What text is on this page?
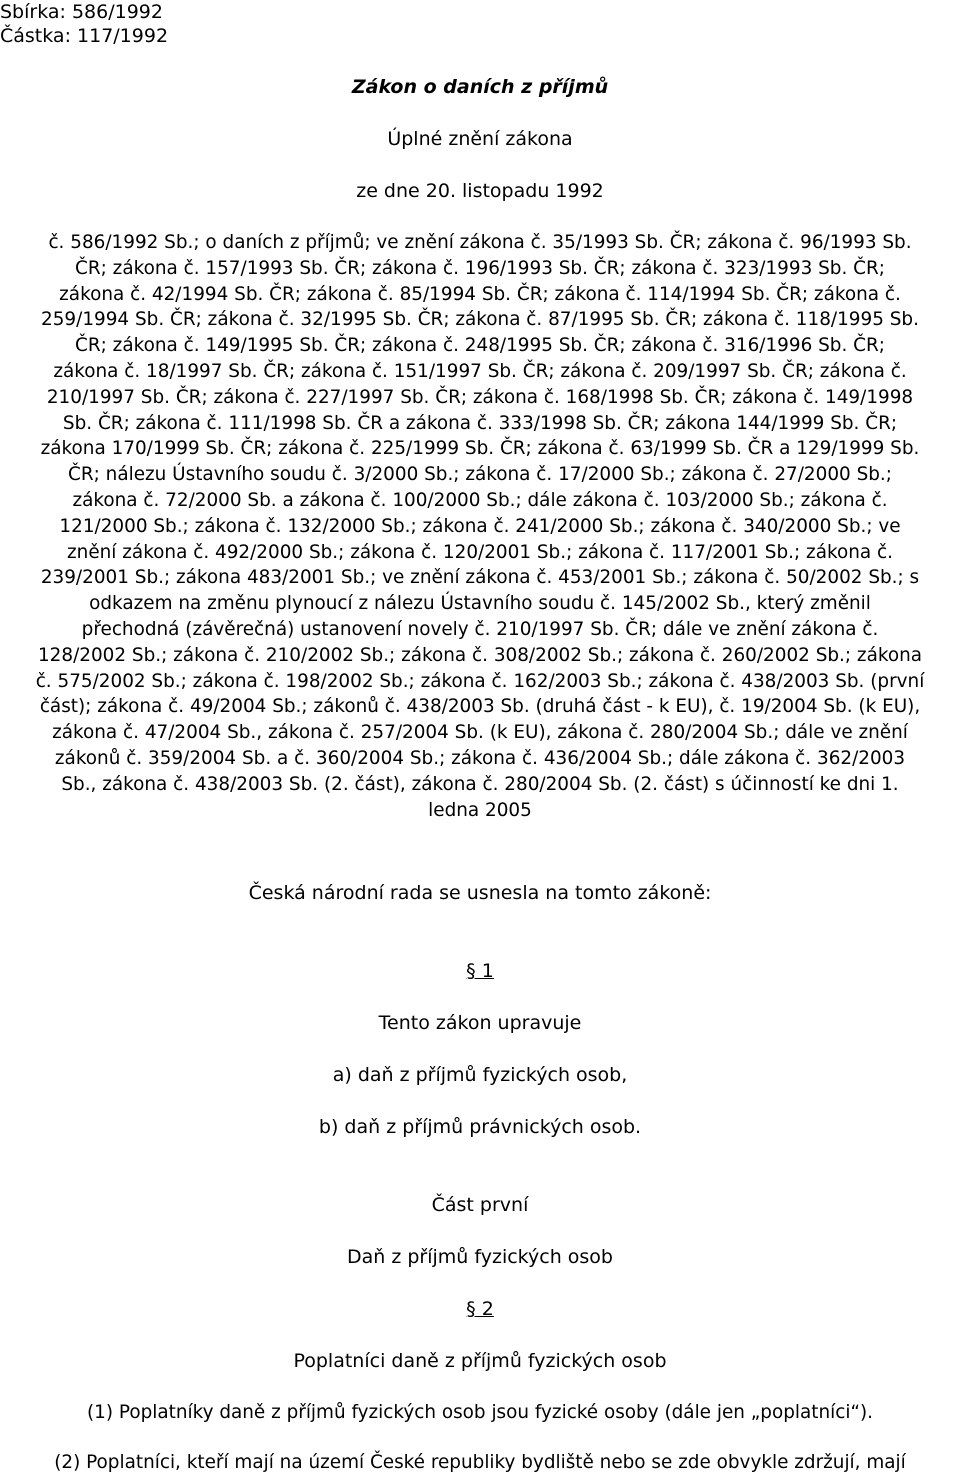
Sbírka: 586/1992
Částka: 117/1992
Zákon o daních z příjmů
Úplné znění zákona
ze dne 20. listopadu 1992
č. 586/1992 Sb.; o daních z příjmů; ve znění zákona č. 35/1993 Sb. ČR; zákona č. 96/1993 Sb.
ČR; zákona č. 157/1993 Sb. ČR; zákona č. 196/1993 Sb. ČR; zákona č. 323/1993 Sb. ČR;
zákona č. 42/1994 Sb. ČR; zákona č. 85/1994 Sb. ČR; zákona č. 114/1994 Sb. ČR; zákona č.
259/1994 Sb. ČR; zákona č. 32/1995 Sb. ČR; zákona č. 87/1995 Sb. ČR; zákona č. 118/1995 Sb.
ČR; zákona č. 149/1995 Sb. ČR; zákona č. 248/1995 Sb. ČR; zákona č. 316/1996 Sb. ČR;
zákona č. 18/1997 Sb. ČR; zákona č. 151/1997 Sb. ČR; zákona č. 209/1997 Sb. ČR; zákona č.
210/1997 Sb. ČR; zákona č. 227/1997 Sb. ČR; zákona č. 168/1998 Sb. ČR; zákona č. 149/1998
Sb. ČR; zákona č. 111/1998 Sb. ČR a zákona č. 333/1998 Sb. ČR; zákona 144/1999 Sb. ČR;
zákona 170/1999 Sb. ČR; zákona č. 225/1999 Sb. ČR; zákona č. 63/1999 Sb. ČR a 129/1999 Sb.
ČR; nálezu Ústavního soudu č. 3/2000 Sb.; zákona č. 17/2000 Sb.; zákona č. 27/2000 Sb.;
zákona č. 72/2000 Sb. a zákona č. 100/2000 Sb.; dále zákona č. 103/2000 Sb.; zákona č.
121/2000 Sb.; zákona č. 132/2000 Sb.; zákona č. 241/2000 Sb.; zákona č. 340/2000 Sb.; ve
znění zákona č. 492/2000 Sb.; zákona č. 120/2001 Sb.; zákona č. 117/2001 Sb.; zákona č.
239/2001 Sb.; zákona 483/2001 Sb.; ve znění zákona č. 453/2001 Sb.; zákona č. 50/2002 Sb.; s
odkazem na změnu plynoucí z nálezu Ústavního soudu č. 145/2002 Sb., který změnil
přechodná (závěrečná) ustanovení novely č. 210/1997 Sb. ČR; dále ve znění zákona č.
128/2002 Sb.; zákona č. 210/2002 Sb.; zákona č. 308/2002 Sb.; zákona č. 260/2002 Sb.; zákona
č. 575/2002 Sb.; zákona č. 198/2002 Sb.; zákona č. 162/2003 Sb.; zákona č. 438/2003 Sb. (první
část); zákona č. 49/2004 Sb.; zákonů č. 438/2003 Sb. (druhá část - k EU), č. 19/2004 Sb. (k EU),
zákona č. 47/2004 Sb., zákona č. 257/2004 Sb. (k EU), zákona č. 280/2004 Sb.; dále ve znění
zákonů č. 359/2004 Sb. a č. 360/2004 Sb.; zákona č. 436/2004 Sb.; dále zákona č. 362/2003
Sb., zákona č. 438/2003 Sb. (2. část), zákona č. 280/2004 Sb. (2. část) s účinností ke dni 1.
ledna 2005
Česká národní rada se usnesla na tomto zákoně:
§ 1
Tento zákon upravuje
a) daň z příjmů fyzických osob,
b) daň z příjmů právnických osob.
Část první
Daň z příjmů fyzických osob
§ 2
Poplatníci daně z příjmů fyzických osob
(1) Poplatníky daně z příjmů fyzických osob jsou fyzické osoby (dále jen „poplatníci“).
(2) Poplatníci, kteří mají na území České republiky bydliště nebo se zde obvykle zdržují, mají
